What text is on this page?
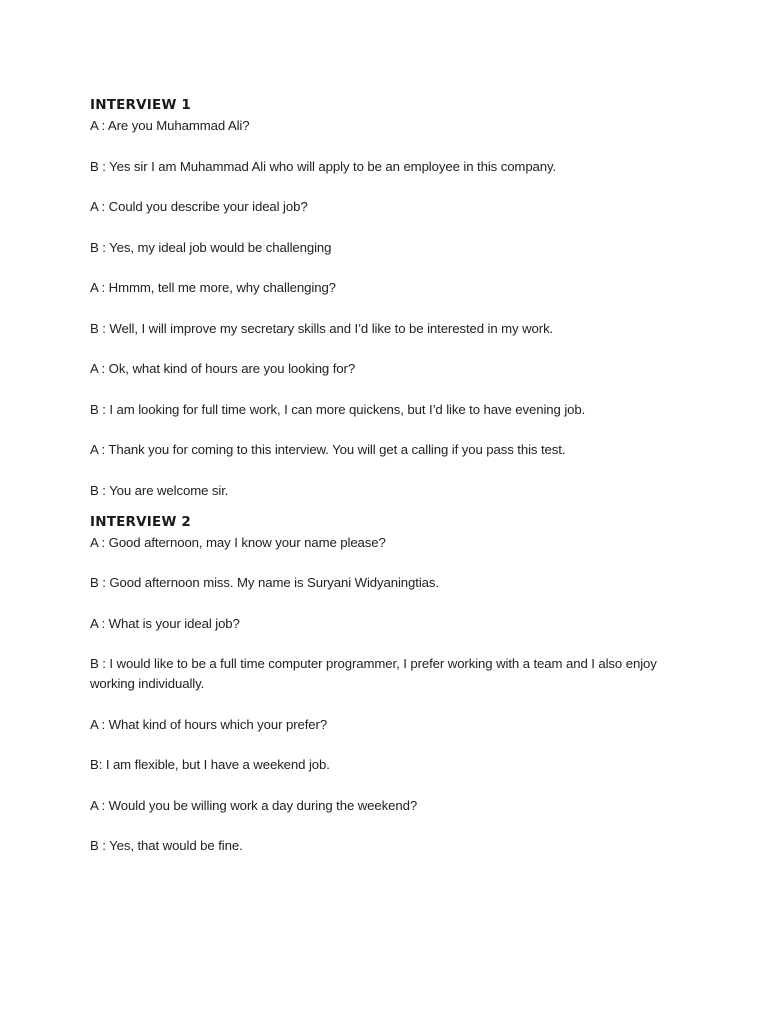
INTERVIEW 1

A : Are you Muhammad Ali?

B : Yes sir I am Muhammad Ali who will apply to be an employee in this company.

A : Could you describe your ideal job?

B : Yes, my ideal job would be challenging

A : Hmmm, tell me more, why challenging?

B : Well, I will improve my secretary skills and I’d like to be interested in my work.

A : Ok, what kind of hours are you looking for?

B : I am looking for full time work, I can more quickens, but I’d like to have evening job.

A : Thank you for coming to this interview. You will get a calling if you pass this test.

B : You are welcome sir.

INTERVIEW 2

A : Good afternoon, may I know your name please?

B : Good afternoon miss. My name is Suryani Widyaningtias.

A : What is your ideal job?

B : I would like to be a full time computer programmer, I prefer working with a team and I also enjoy working individually.

A : What kind of hours which your prefer?

B: I am flexible, but I have a weekend job.

A : Would you be willing work a day during the weekend?

B : Yes, that would be fine.
